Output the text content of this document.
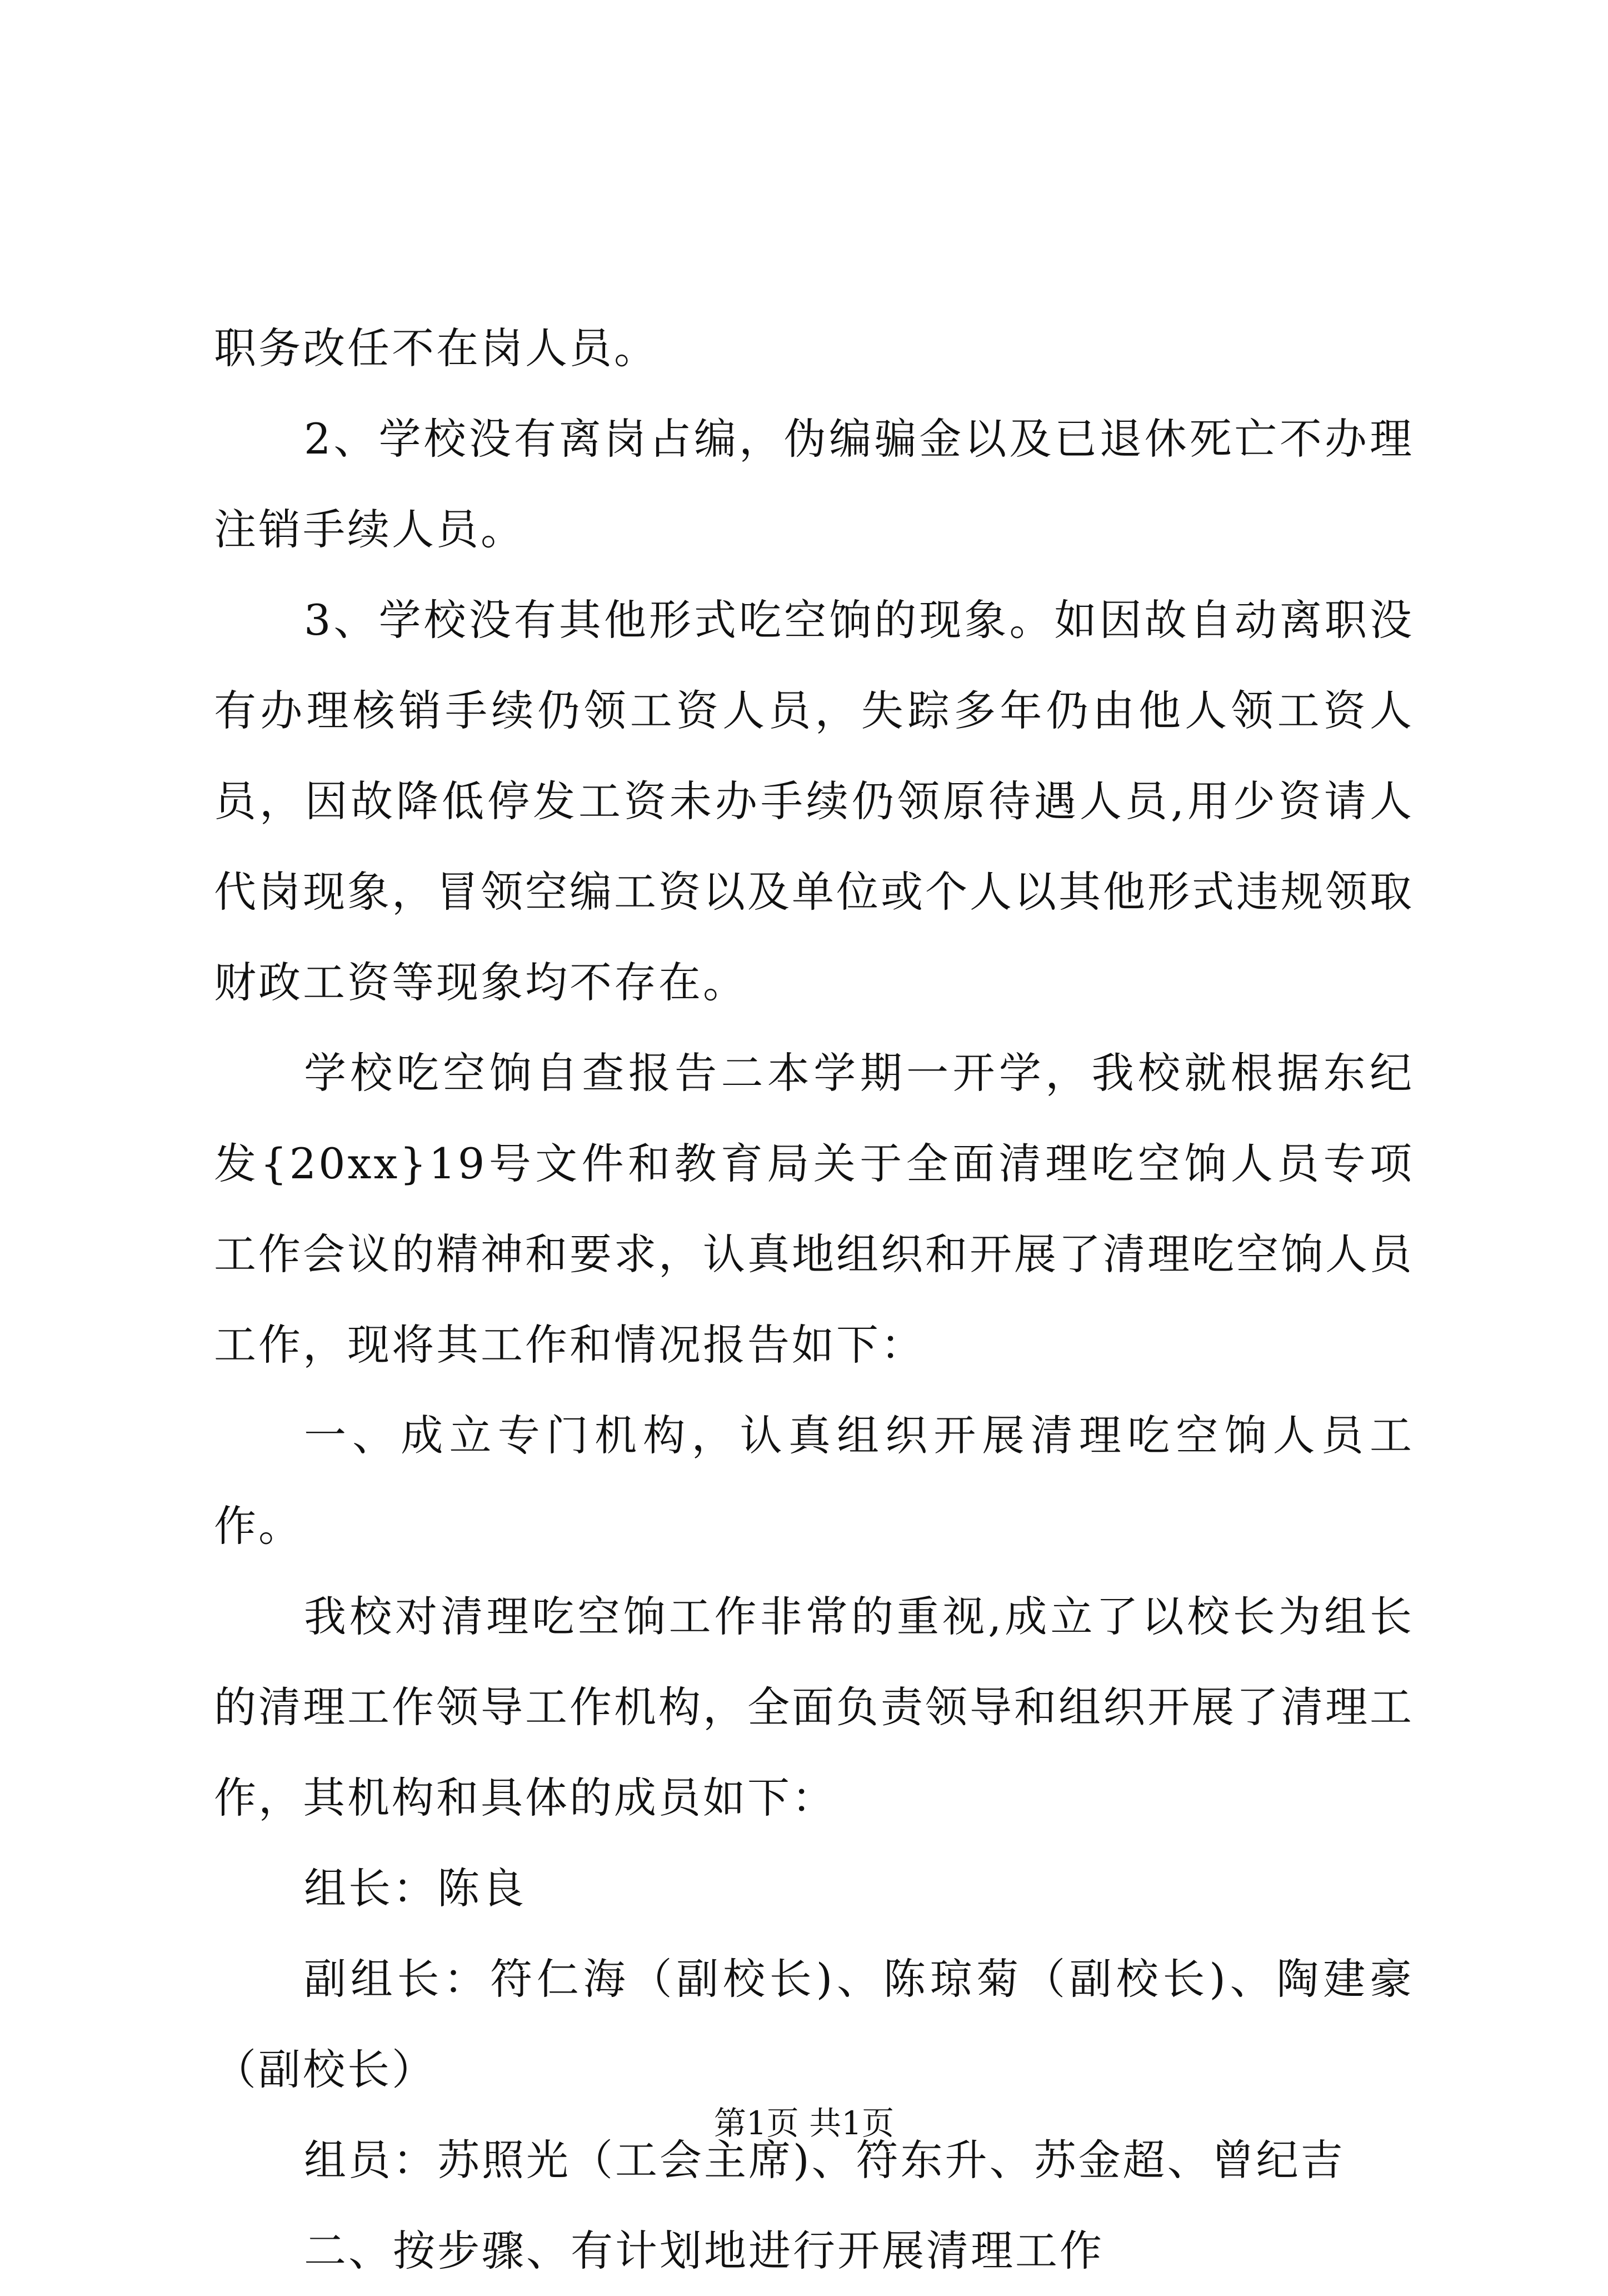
职务改任不在岗人员。

2、学校没有离岗占编，伪编骗金以及已退休死亡不办理注销手续人员。

3、学校没有其他形式吃空饷的现象。如因故自动离职没有办理核销手续仍领工资人员，失踪多年仍由他人领工资人员，因故降低停发工资未办手续仍领原待遇人员,用少资请人代岗现象，冒领空编工资以及单位或个人以其他形式违规领取财政工资等现象均不存在。

学校吃空饷自查报告二本学期一开学，我校就根据东纪发{20xx}19号文件和教育局关于全面清理吃空饷人员专项工作会议的精神和要求，认真地组织和开展了清理吃空饷人员工作，现将其工作和情况报告如下：

一、成立专门机构，认真组织开展清理吃空饷人员工作。

我校对清理吃空饷工作非常的重视,成立了以校长为组长的清理工作领导工作机构，全面负责领导和组织开展了清理工作，其机构和具体的成员如下：

组长：陈良

副组长：符仁海（副校长)、陈琼菊（副校长)、陶建豪（副校长）

组员：苏照光（工会主席)、符东升、苏金超、曾纪吉

二、按步骤、有计划地进行开展清理工作

第1页 共1页
